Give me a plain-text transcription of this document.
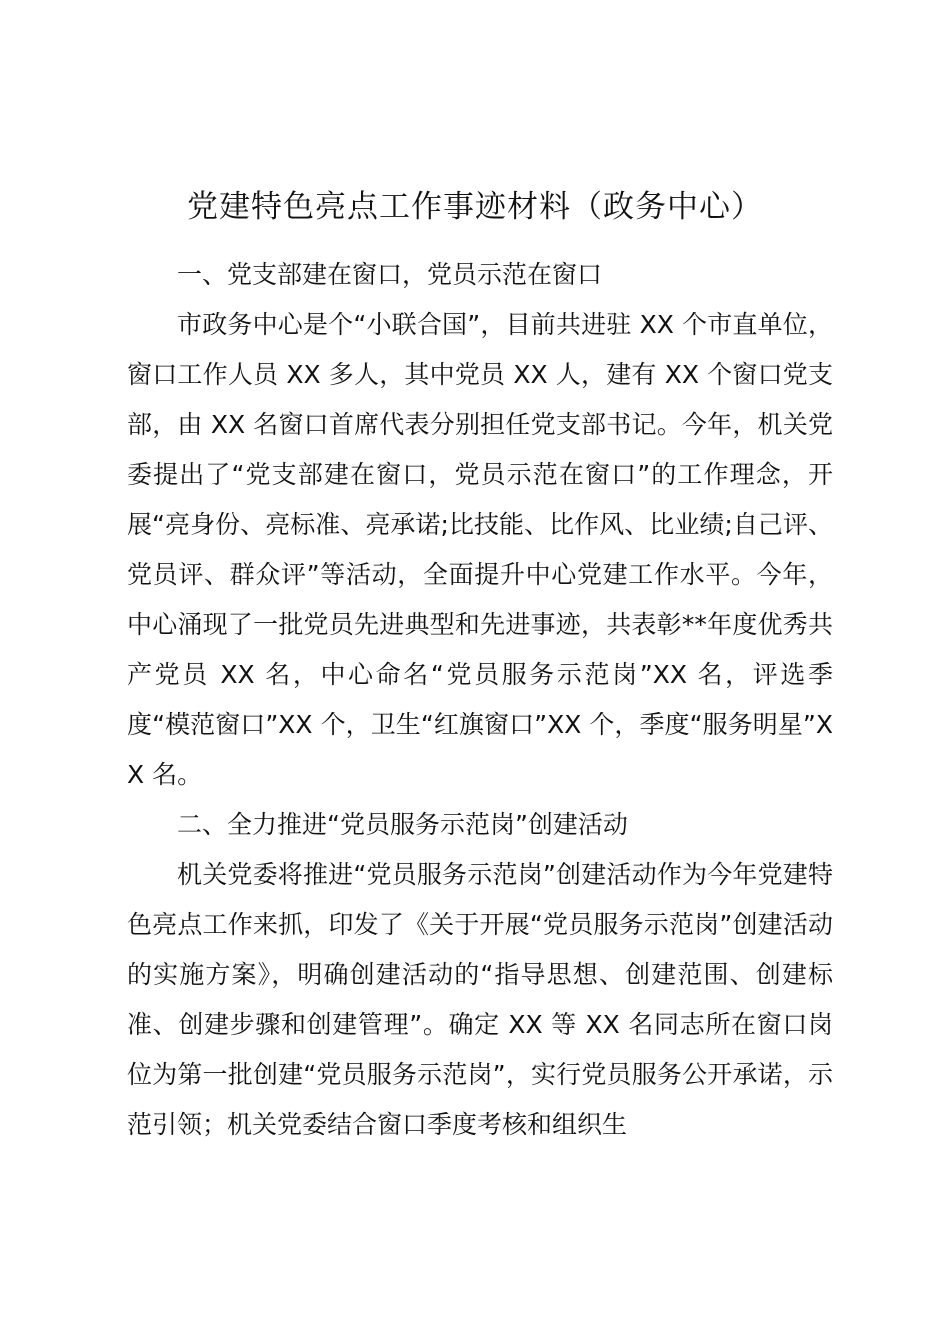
党建特色亮点工作事迹材料（政务中心）

一、党支部建在窗口，党员示范在窗口

市政务中心是个“小联合国”，目前共进驻 XX 个市直单位，窗口工作人员 XX 多人，其中党员 XX 人，建有 XX 个窗口党支部，由 XX 名窗口首席代表分别担任党支部书记。今年，机关党委提出了“党支部建在窗口，党员示范在窗口”的工作理念，开展“亮身份、亮标准、亮承诺;比技能、比作风、比业绩;自己评、党员评、群众评”等活动，全面提升中心党建工作水平。今年，中心涌现了一批党员先进典型和先进事迹，共表彰**年度优秀共产党员 XX 名，中心命名“党员服务示范岗”XX 名，评选季度“模范窗口”XX 个，卫生“红旗窗口”XX 个，季度“服务明星”XX 名。

二、全力推进“党员服务示范岗”创建活动

机关党委将推进“党员服务示范岗”创建活动作为今年党建特色亮点工作来抓，印发了《关于开展“党员服务示范岗”创建活动的实施方案》，明确创建活动的“指导思想、创建范围、创建标准、创建步骤和创建管理”。确定 XX 等 XX 名同志所在窗口岗位为第一批创建“党员服务示范岗”，实行党员服务公开承诺，示范引领；机关党委结合窗口季度考核和组织生
